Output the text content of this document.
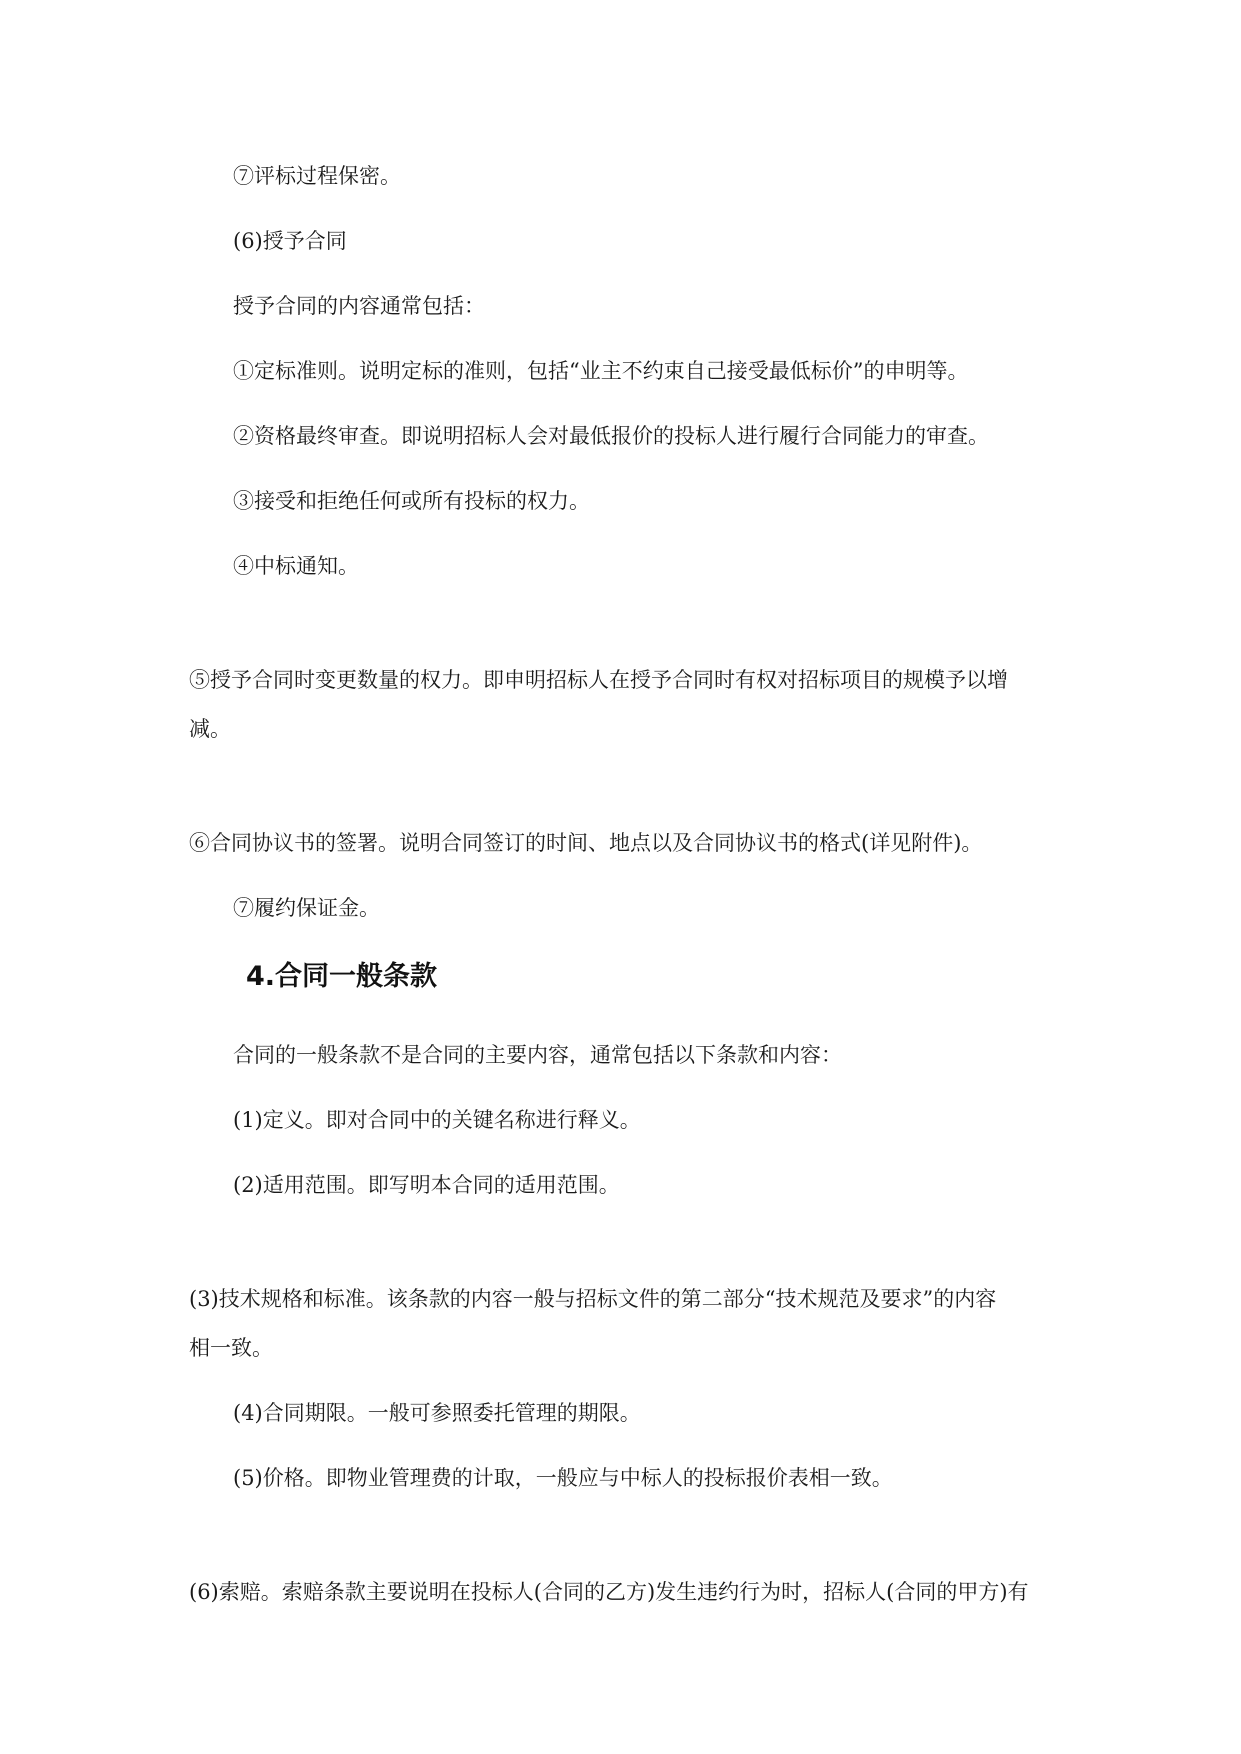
⑦评标过程保密。

(6)授予合同

授予合同的内容通常包括：

①定标准则。说明定标的准则，包括“业主不约束自己接受最低标价”的申明等。

②资格最终审查。即说明招标人会对最低报价的投标人进行履行合同能力的审查。

③接受和拒绝任何或所有投标的权力。

④中标通知。

⑤授予合同时变更数量的权力。即申明招标人在授予合同时有权对招标项目的规模予以增

减。

⑥合同协议书的签署。说明合同签订的时间、地点以及合同协议书的格式(详见附件)。

⑦履约保证金。

4.合同一般条款

合同的一般条款不是合同的主要内容，通常包括以下条款和内容：

(1)定义。即对合同中的关键名称进行释义。

(2)适用范围。即写明本合同的适用范围。

(3)技术规格和标准。该条款的内容一般与招标文件的第二部分“技术规范及要求”的内容

相一致。

(4)合同期限。一般可参照委托管理的期限。

(5)价格。即物业管理费的计取，一般应与中标人的投标报价表相一致。

(6)索赔。索赔条款主要说明在投标人(合同的乙方)发生违约行为时，招标人(合同的甲方)有
